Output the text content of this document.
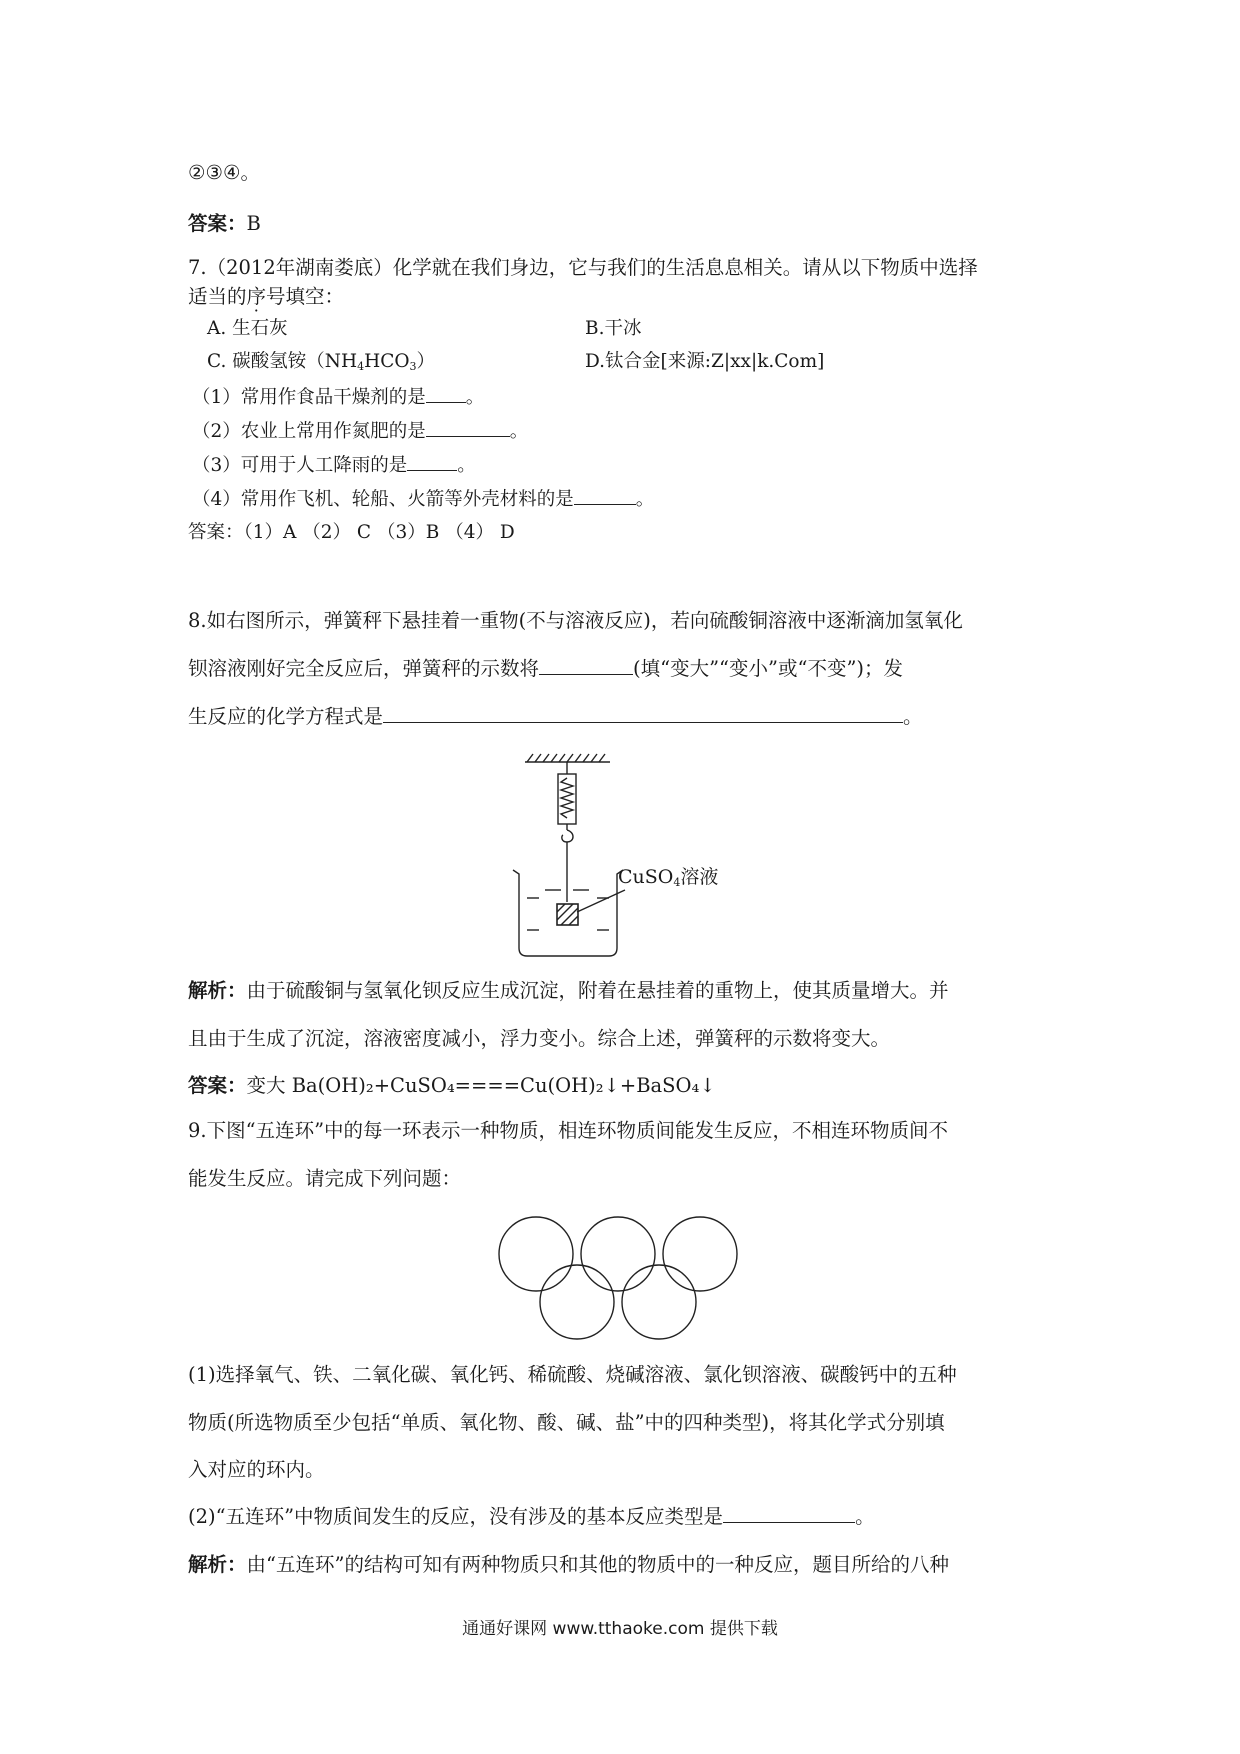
②③④。
答案：B
7.（2012年湖南娄底）化学就在我们身边，它与我们的生活息息相关。请从以下物质中选择
适当的序号填空：
A. 生石灰	B.干冰
C. 碳酸氢铵$(NH_4HCO_3)$	D.钛合金[来源:Z|xx|k.Com]
（1）常用作食品干燥剂的是 。
（2）农业上常用作氮肥的是	。
（3）可用于人工降雨的是	。
（4）常用作飞机、轮船、火箭等外壳材料的是	。
答案：（1）A （2） C （3）B （4） D
8.如右图所示，弹簧秤下悬挂着一重物(不与溶液反应)，若向硫酸铜溶液中逐渐滴加氢氧化
钡溶液刚好完全反应后，弹簧秤的示数将	(填“变大”“变小”或“不变”)；发
生反应的化学方程式是	。
CuSO$_4$溶液
解析：由于硫酸铜与氢氧化钡反应生成沉淀，附着在悬挂着的重物上，使其质量增大。并
且由于生成了沉淀，溶液密度减小，浮力变小。综合上述，弹簧秤的示数将变大。
答案：变大 Ba(OH)₂+CuSO₄====Cu(OH)₂↓+BaSO₄↓
9.下图“五连环”中的每一环表示一种物质，相连环物质间能发生反应，不相连环物质间不
能发生反应。请完成下列问题：
(1)选择氧气、铁、二氧化碳、氧化钙、稀硫酸、烧碱溶液、氯化钡溶液、碳酸钙中的五种
物质(所选物质至少包括“单质、氧化物、酸、碱、盐”中的四种类型)，将其化学式分别填
入对应的环内。
(2)“五连环”中物质间发生的反应，没有涉及的基本反应类型是	。
解析：由“五连环”的结构可知有两种物质只和其他的物质中的一种反应，题目所给的八种
通通好课网 www.tthaoke.com 提供下载
